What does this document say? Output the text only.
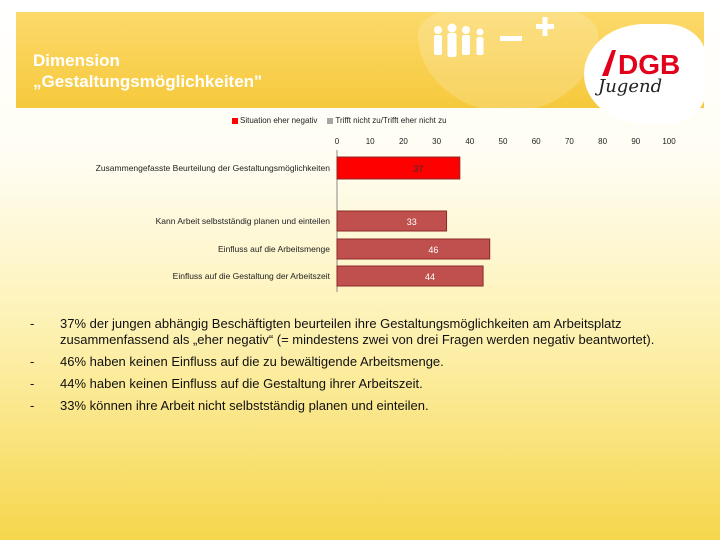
DGB
Jugend
Dimension
„Gestaltungsmöglichkeiten"
Situation eher negativ Trifft nicht zu/Trifft eher nicht zu
0	10	20	30	40	50	60	70	80	90	100
37
Zusammengefasste Beurteilung der Gestaltungsmöglichkeiten
33
Kann Arbeit selbstständig planen und einteilen
46
Einfluss auf die Arbeitsmenge
44
Einfluss auf die Gestaltung der Arbeitszeit
-	37% der jungen abhängig Beschäftigten beurteilen ihre Gestaltungsmöglichkeiten am Arbeitsplatz zusammenfassend als „eher negativ“ (= mindestens zwei von drei Fragen werden negativ beantwortet).
-	46% haben keinen Einfluss auf die zu bewältigende Arbeitsmenge.
-	44% haben keinen Einfluss auf die Gestaltung ihrer Arbeitszeit.
-	33% können ihre Arbeit nicht selbstständig planen und einteilen.
